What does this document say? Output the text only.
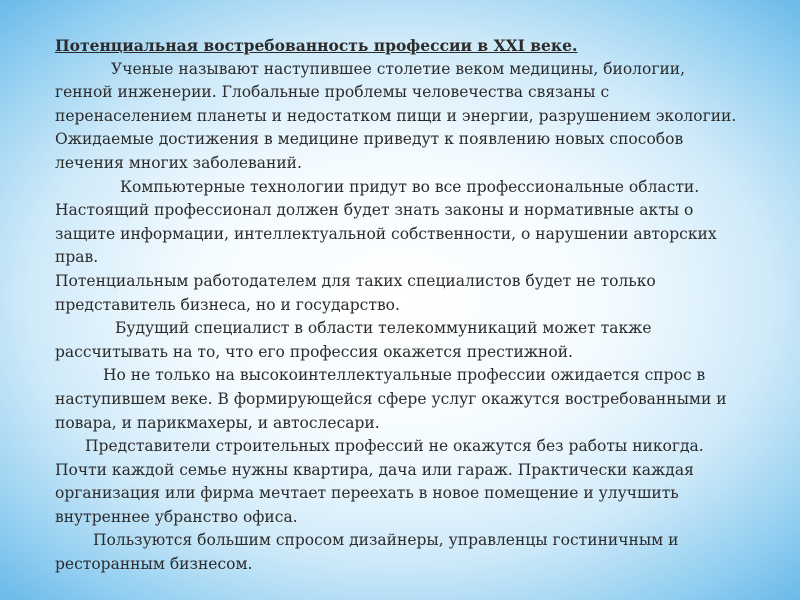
Потенциальная востребованность профессии в XXI веке.
Ученые называют наступившее столетие веком медицины, биологии,
генной инженерии. Глобальные проблемы человечества связаны с
перенаселением планеты и недостатком пищи и энергии, разрушением экологии.
Ожидаемые достижения в медицине приведут к появлению новых способов
лечения многих заболеваний.
Компьютерные технологии придут во все профессиональные области.
Настоящий профессионал должен будет знать законы и нормативные акты о
защите информации, интеллектуальной собственности, о нарушении авторских
прав.
Потенциальным работодателем для таких специалистов будет не только
представитель бизнеса, но и государство.
Будущий специалист в области телекоммуникаций может также
рассчитывать на то, что его профессия окажется престижной.
Но не только на высокоинтеллектуальные профессии ожидается спрос в
наступившем веке. В формирующейся сфере услуг окажутся востребованными и
повара, и парикмахеры, и автослесари.
Представители строительных профессий не окажутся без работы никогда.
Почти каждой семье нужны квартира, дача или гараж. Практически каждая
организация или фирма мечтает переехать в новое помещение и улучшить
внутреннее убранство офиса.
Пользуются большим спросом дизайнеры, управленцы гостиничным и
ресторанным бизнесом.
